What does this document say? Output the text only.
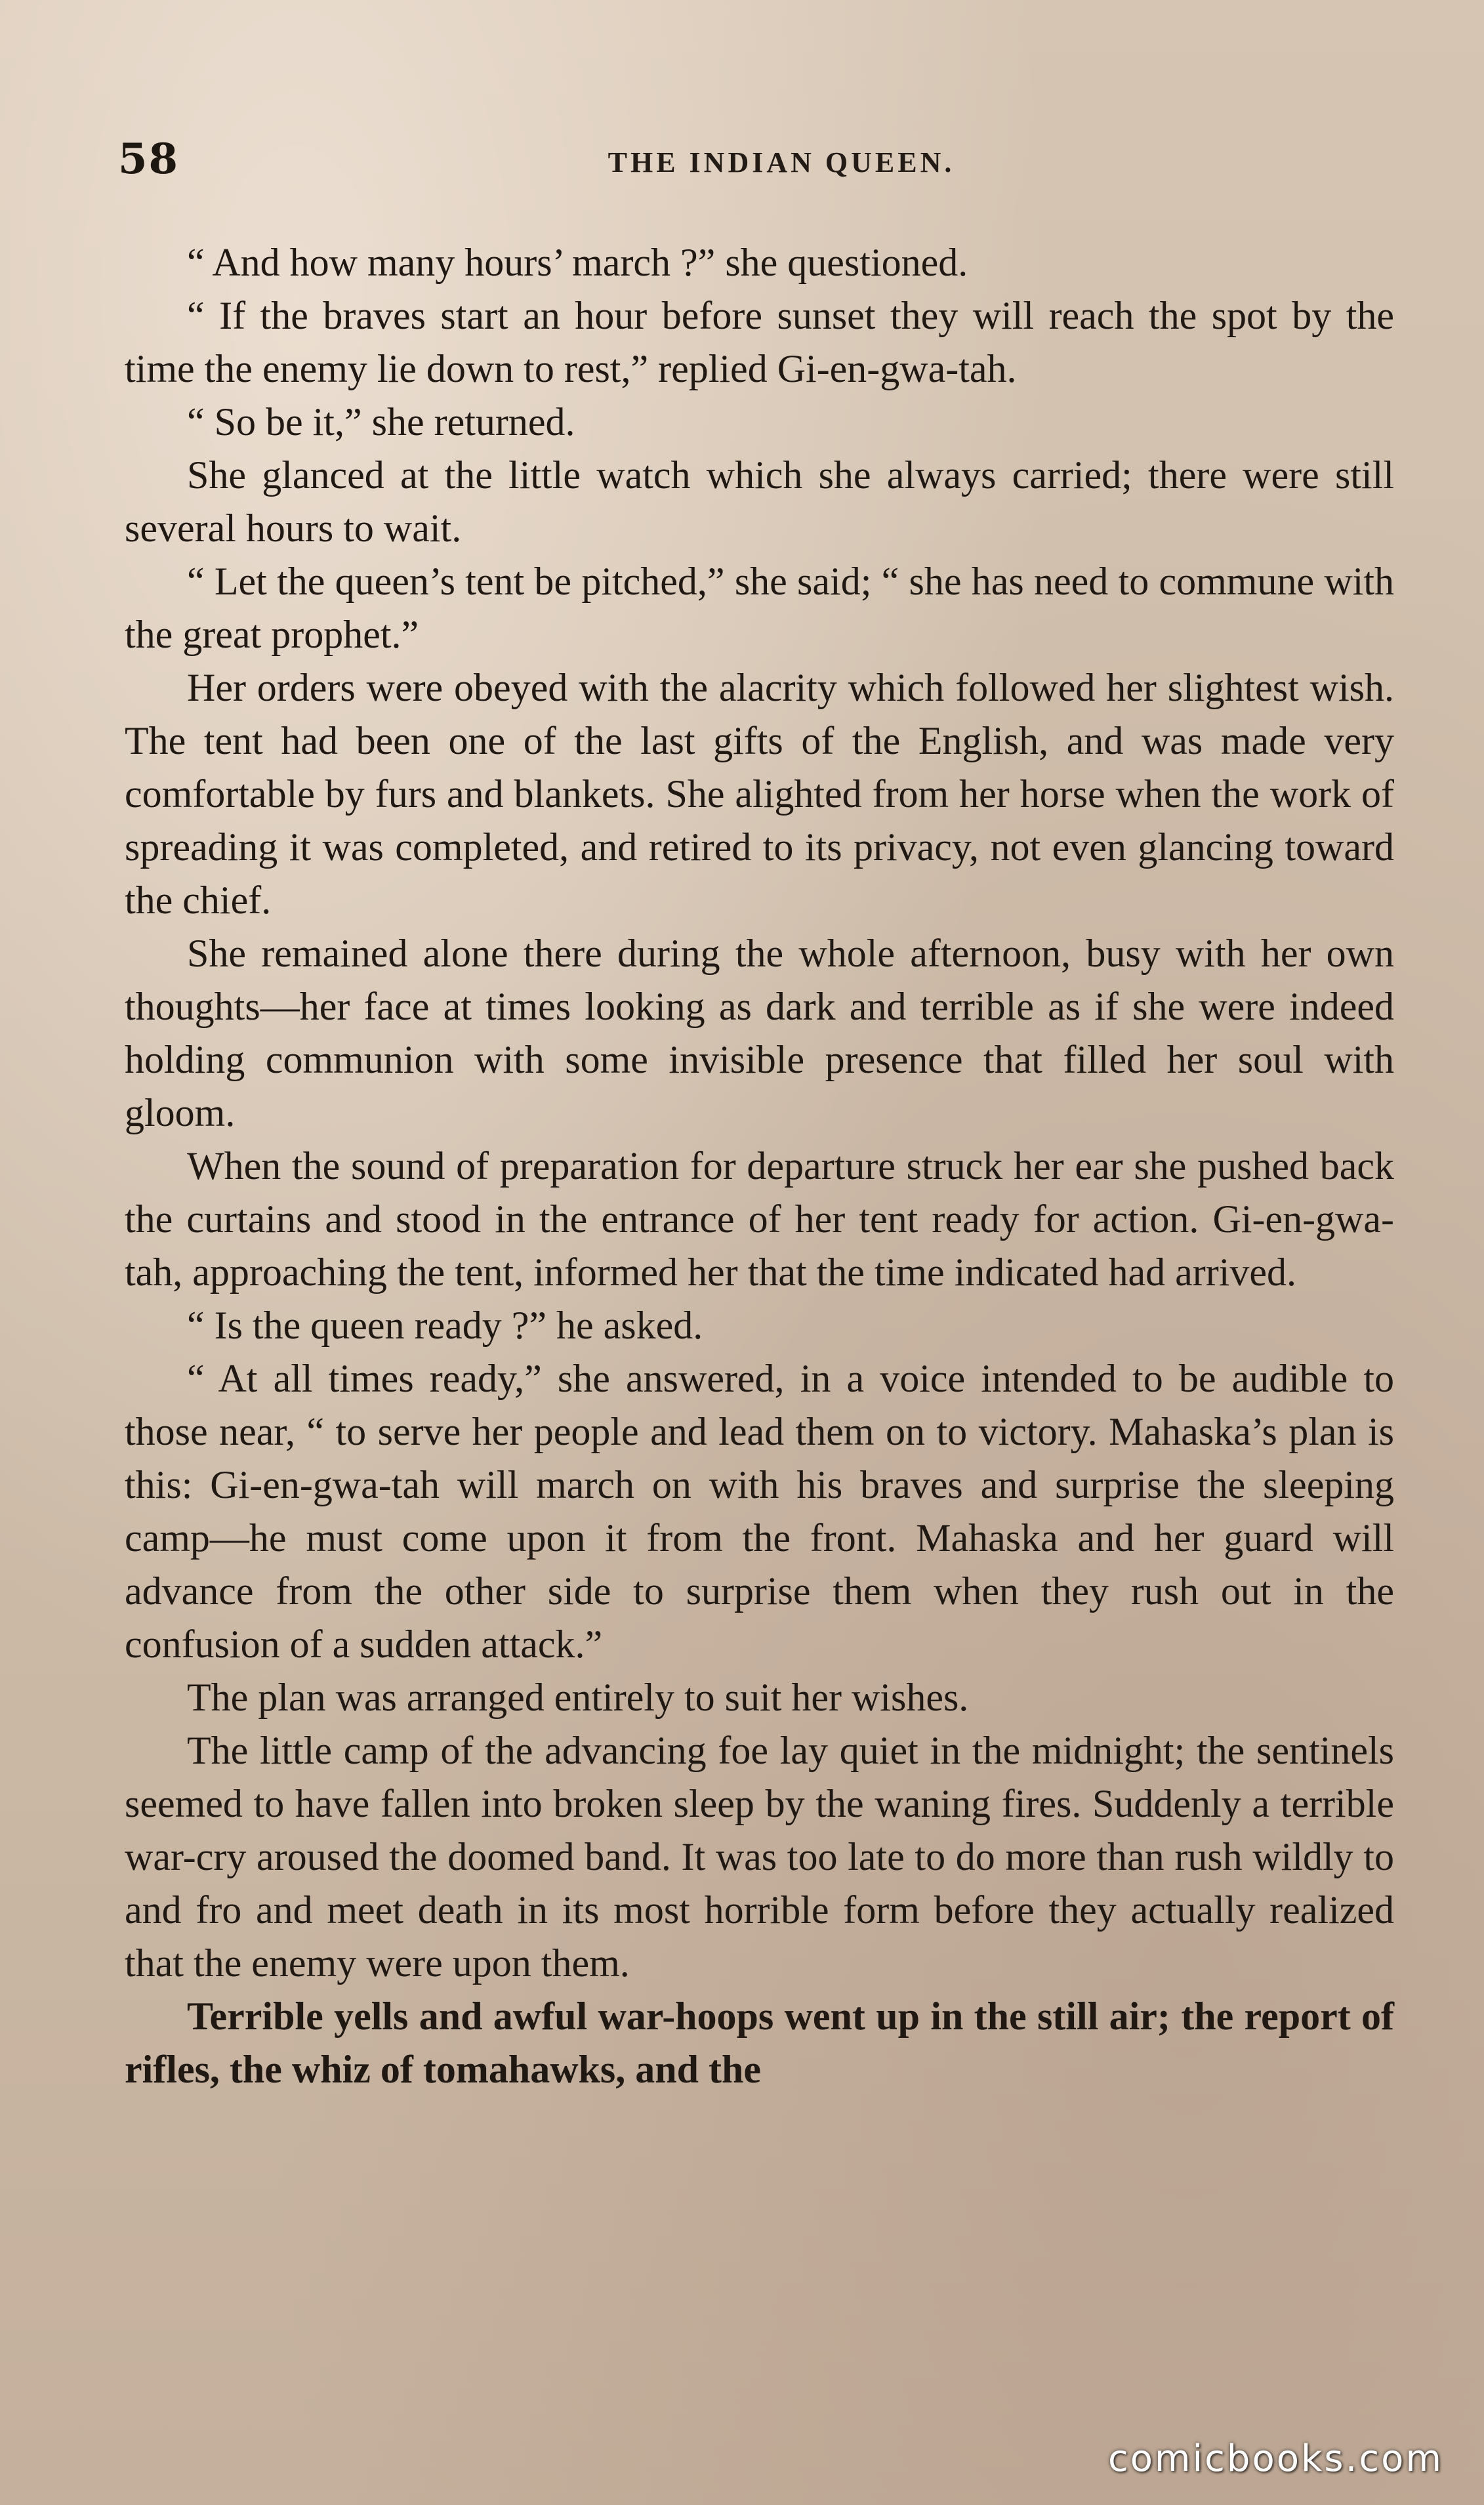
58	THE INDIAN QUEEN.

“ And how many hours’ march ?” she questioned.

“ If the braves start an hour before sunset they will reach the spot by the time the enemy lie down to rest,” replied Gi-en-gwa-tah.

“ So be it,” she returned.

She glanced at the little watch which she always carried; there were still several hours to wait.

“ Let the queen’s tent be pitched,” she said; “ she has need to commune with the great prophet.”

Her orders were obeyed with the alacrity which followed her slightest wish. The tent had been one of the last gifts of the English, and was made very comfortable by furs and blankets. She alighted from her horse when the work of spreading it was completed, and retired to its privacy, not even glancing toward the chief.

She remained alone there during the whole afternoon, busy with her own thoughts—her face at times looking as dark and terrible as if she were indeed holding communion with some invisible presence that filled her soul with gloom.

When the sound of preparation for departure struck her ear she pushed back the curtains and stood in the entrance of her tent ready for action. Gi-en-gwa-tah, approaching the tent, informed her that the time indicated had arrived.

“ Is the queen ready ?” he asked.

“ At all times ready,” she answered, in a voice intended to be audible to those near, “ to serve her people and lead them on to victory. Mahaska’s plan is this: Gi-en-gwa-tah will march on with his braves and surprise the sleeping camp—he must come upon it from the front. Mahaska and her guard will advance from the other side to surprise them when they rush out in the confusion of a sudden attack.”

The plan was arranged entirely to suit her wishes.

The little camp of the advancing foe lay quiet in the midnight; the sentinels seemed to have fallen into broken sleep by the waning fires. Suddenly a terrible war-cry aroused the doomed band. It was too late to do more than rush wildly to and fro and meet death in its most horrible form before they actually realized that the enemy were upon them.

Terrible yells and awful war-hoops went up in the still air; the report of rifles, the whiz of tomahawks, and the

comicbooks.com
